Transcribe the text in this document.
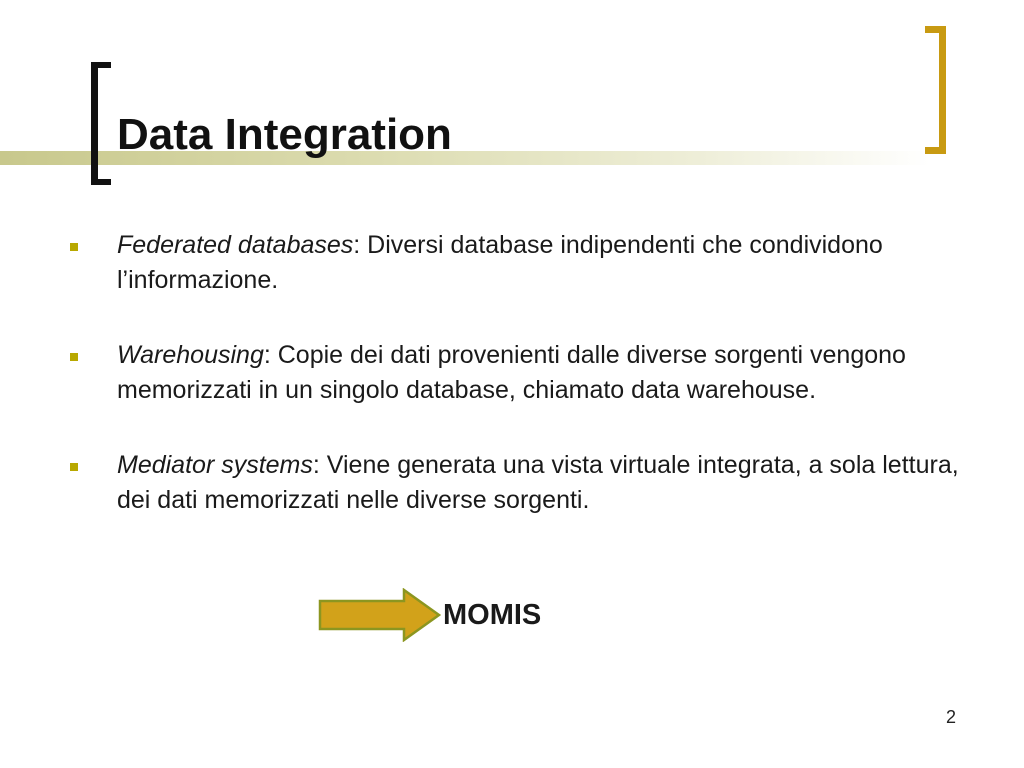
Data Integration
Federated databases: Diversi database indipendenti che condividono l’informazione.
Warehousing: Copie dei dati provenienti dalle diverse sorgenti vengono memorizzati in un singolo database, chiamato data warehouse.
Mediator systems: Viene generata una vista virtuale integrata, a sola lettura, dei dati memorizzati nelle diverse sorgenti.
MOMIS
2
